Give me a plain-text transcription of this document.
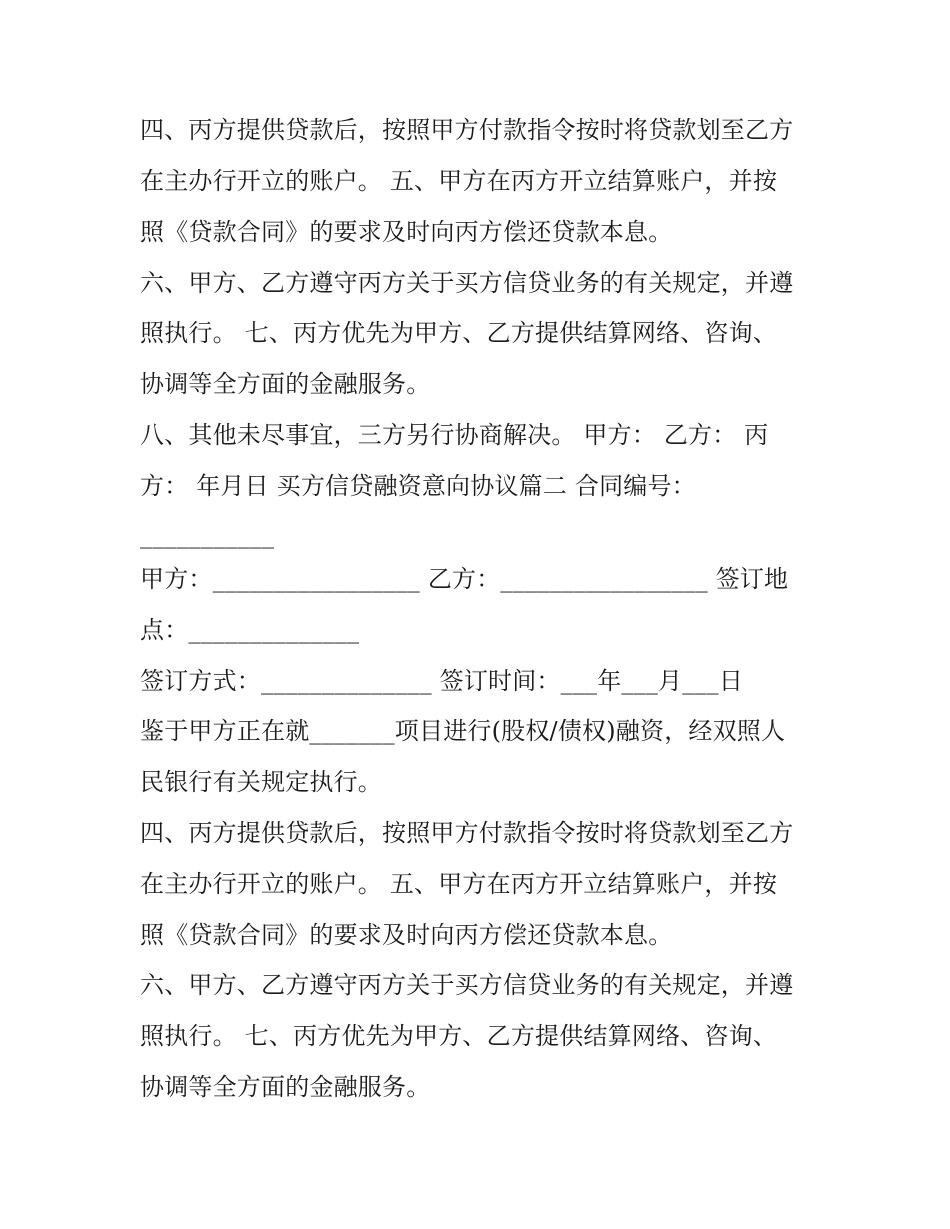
四、丙方提供贷款后，按照甲方付款指令按时将贷款划至乙方
在主办行开立的账户。 五、甲方在丙方开立结算账户，并按
照《贷款合同》的要求及时向丙方偿还贷款本息。
六、甲方、乙方遵守丙方关于买方信贷业务的有关规定，并遵
照执行。 七、丙方优先为甲方、乙方提供结算网络、咨询、
协调等全方面的金融服务。
八、其他未尽事宜，三方另行协商解决。 甲方： 乙方： 丙
方： 年月日 买方信贷融资意向协议篇二 合同编号：
___________
甲方：_________________ 乙方：_________________ 签订地
点：______________
签订方式：______________ 签订时间：___年___月___日
鉴于甲方正在就_______项目进行(股权/债权)融资，经双照人
民银行有关规定执行。
四、丙方提供贷款后，按照甲方付款指令按时将贷款划至乙方
在主办行开立的账户。 五、甲方在丙方开立结算账户，并按
照《贷款合同》的要求及时向丙方偿还贷款本息。
六、甲方、乙方遵守丙方关于买方信贷业务的有关规定，并遵
照执行。 七、丙方优先为甲方、乙方提供结算网络、咨询、
协调等全方面的金融服务。
